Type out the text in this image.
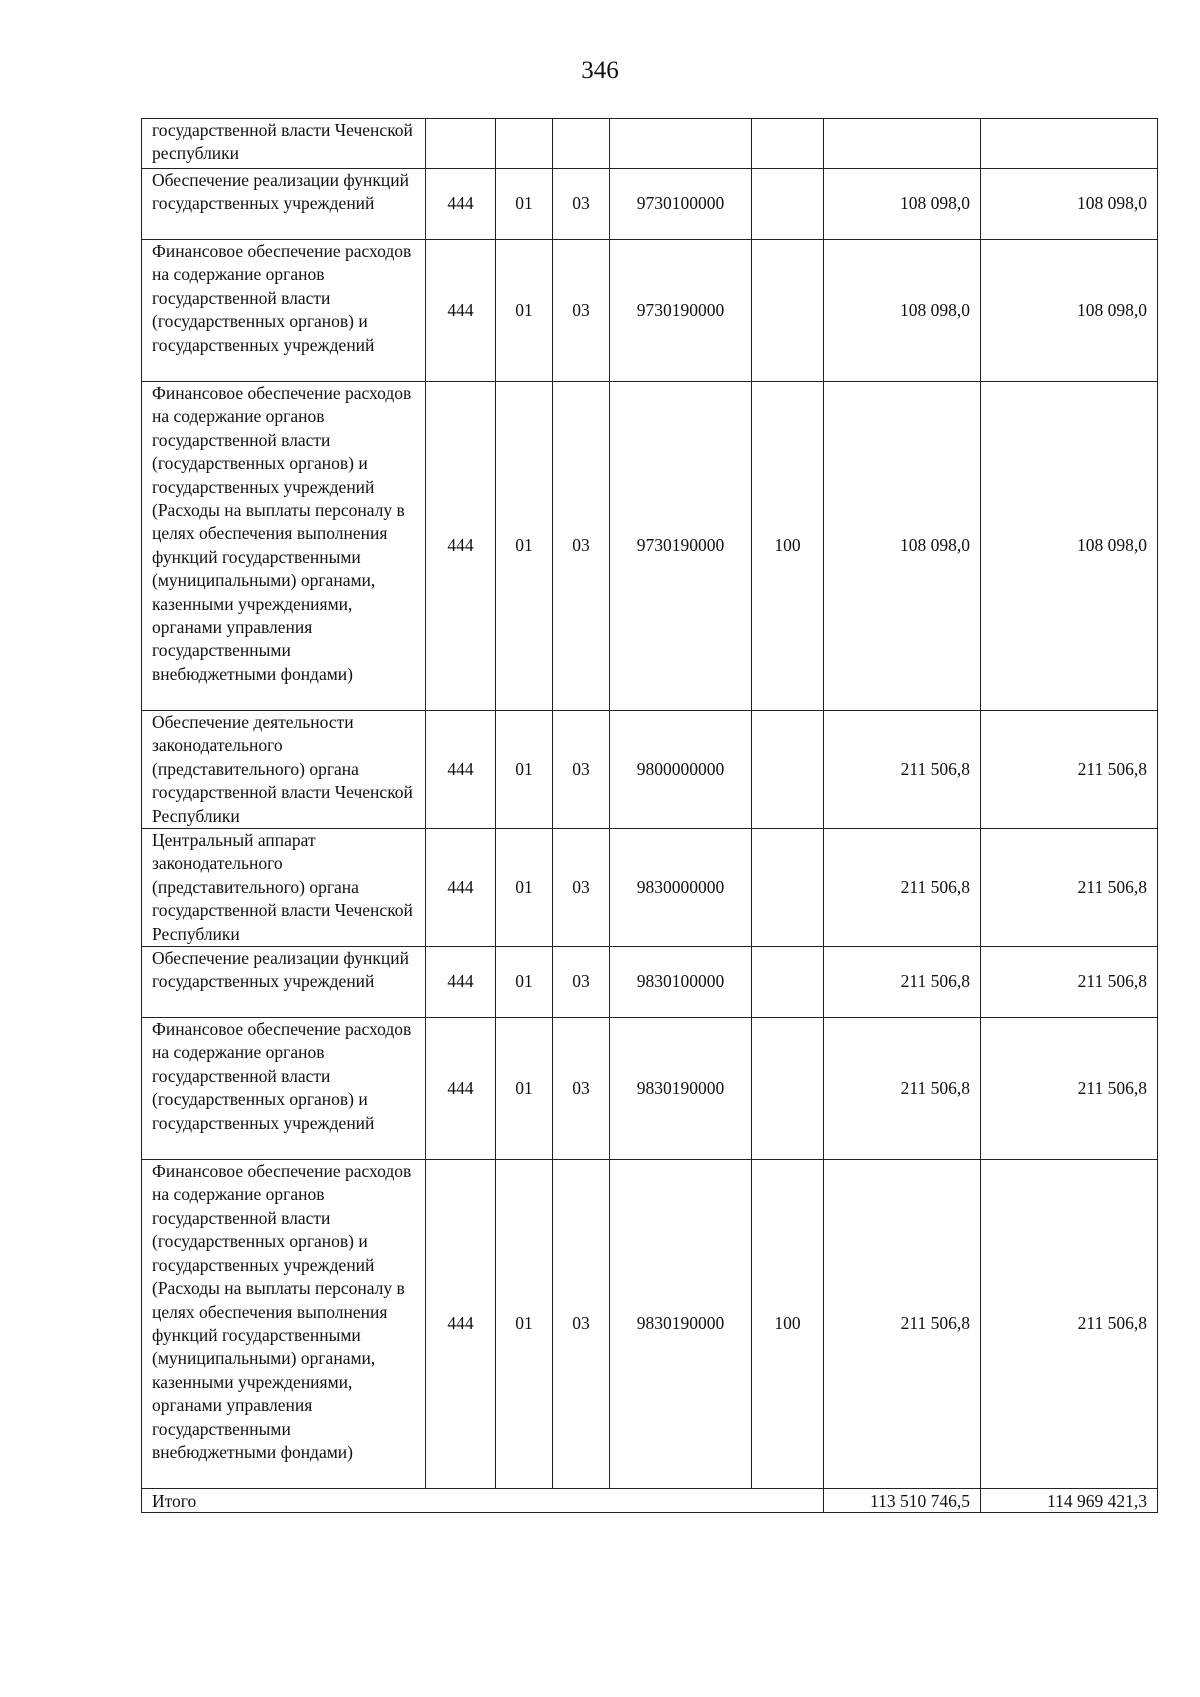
346
государственной власти Чеченской республики							
Обеспечение реализации функций государственных учреждений	444	01	03	9730100000		108 098,0	108 098,0
Финансовое обеспечение расходов на содержание органов государственной власти (государственных органов) и государственных учреждений	444	01	03	9730190000		108 098,0	108 098,0
Финансовое обеспечение расходов на содержание органов государственной власти (государственных органов) и государственных учреждений (Расходы на выплаты персоналу в целях обеспечения выполнения функций государственными (муниципальными) органами, казенными учреждениями, органами управления государственными внебюджетными фондами)	444	01	03	9730190000	100	108 098,0	108 098,0
Обеспечение деятельности законодательного (представительного) органа государственной власти Чеченской Республики	444	01	03	9800000000		211 506,8	211 506,8
Центральный аппарат законодательного (представительного) органа государственной власти Чеченской Республики	444	01	03	9830000000		211 506,8	211 506,8
Обеспечение реализации функций государственных учреждений	444	01	03	9830100000		211 506,8	211 506,8
Финансовое обеспечение расходов на содержание органов государственной власти (государственных органов) и государственных учреждений	444	01	03	9830190000		211 506,8	211 506,8
Финансовое обеспечение расходов на содержание органов государственной власти (государственных органов) и государственных учреждений (Расходы на выплаты персоналу в целях обеспечения выполнения функций государственными (муниципальными) органами, казенными учреждениями, органами управления государственными внебюджетными фондами)	444	01	03	9830190000	100	211 506,8	211 506,8
Итого						113 510 746,5	114 969 421,3
